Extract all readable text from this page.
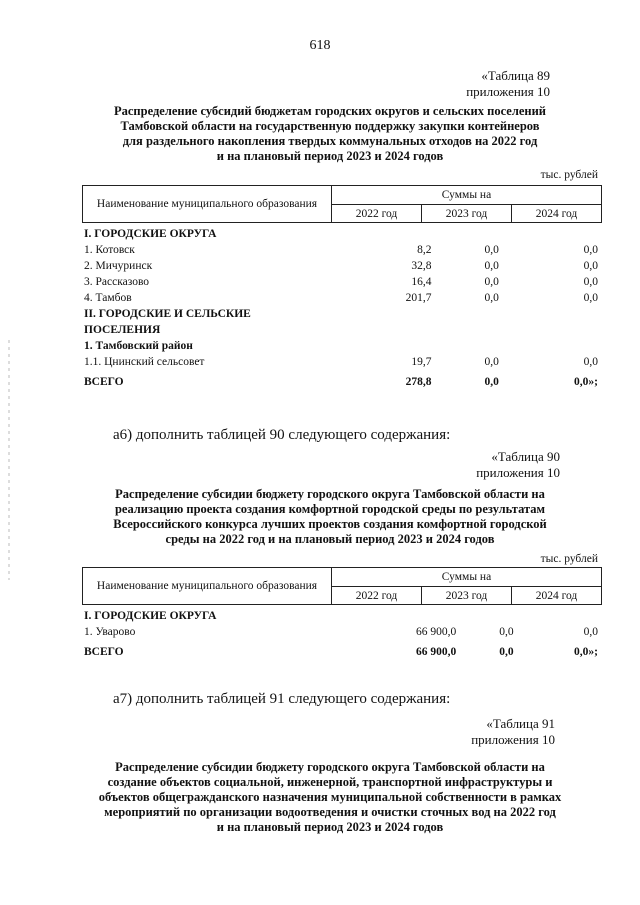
618
«Таблица 89
приложения 10
Распределение субсидий бюджетам городских округов и сельских поселений
Тамбовской области на государственную поддержку закупки контейнеров
для раздельного накопления твердых коммунальных отходов на 2022 год
и на плановый период 2023 и 2024 годов
тыс. рублей
Наименование муниципального образования	Суммы на		
	2022 год	2023 год	2024 год
I. ГОРОДСКИЕ ОКРУГА			
1. Котовск	8,2	0,0	0,0
2. Мичуринск	32,8	0,0	0,0
3. Рассказово	16,4	0,0	0,0
4. Тамбов	201,7	0,0	0,0
II. ГОРОДСКИЕ И СЕЛЬСКИЕ			
ПОСЕЛЕНИЯ			
1. Тамбовский район			
1.1. Цнинский сельсовет	19,7	0,0	0,0
ВСЕГО	278,8	0,0	0,0»;
а6) дополнить таблицей 90 следующего содержания:
«Таблица 90
приложения 10
Распределение субсидии бюджету городского округа Тамбовской области на
реализацию проекта создания комфортной городской среды по результатам
Всероссийского конкурса лучших проектов создания комфортной городской
среды на 2022 год и на плановый период 2023 и 2024 годов
тыс. рублей
Наименование муниципального образования	Суммы на		
	2022 год	2023 год	2024 год
I. ГОРОДСКИЕ ОКРУГА			
1. Уварово	66 900,0	0,0	0,0
ВСЕГО	66 900,0	0,0	0,0»;
а7) дополнить таблицей 91 следующего содержания:
«Таблица 91
приложения 10
Распределение субсидии бюджету городского округа Тамбовской области на
создание объектов социальной, инженерной, транспортной инфраструктуры и
объектов общегражданского назначения муниципальной собственности в рамках
мероприятий по организации водоотведения и очистки сточных вод на 2022 год
и на плановый период 2023 и 2024 годов
